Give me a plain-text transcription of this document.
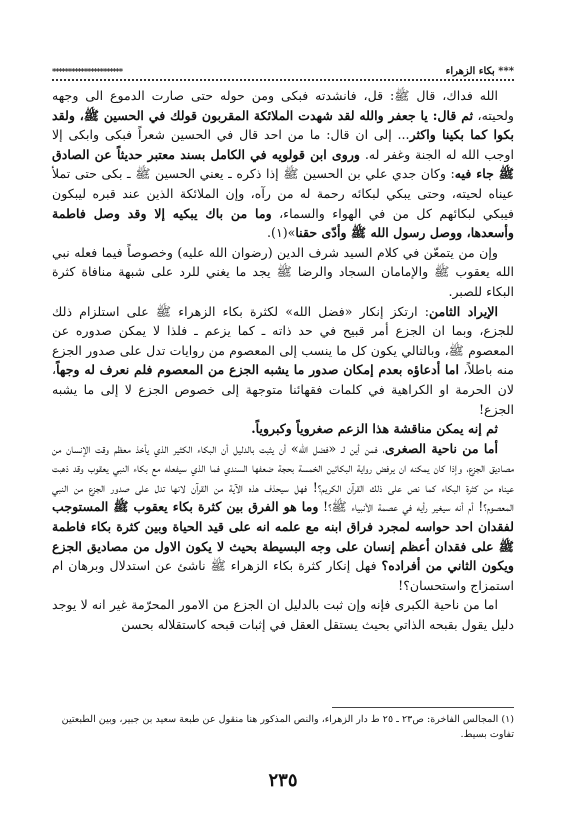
*** بكاء الزهراء
**********************

الله فداك، قال ﷺ: قل، فانشدته فبكى ومن حوله حتى صارت الدموع الى وجهه ولحيته، ثم قال: يا جعفر والله لقد شهدت الملائكة المقربون قولك في الحسين ﷺ، ولقد بكوا كما بكينا واكثر... إلى ان قال: ما من احد قال في الحسين شعراً فبكى وابكى إلا اوجب الله له الجنة وغفر له. وروى ابن قولويه في الكامل بسند معتبر حديثاً عن الصادق ﷺ جاء فيه: وكان جدي علي بن الحسين ﷺ إذا ذكره ـ يعني الحسين ﷺ ـ بكى حتى تملأ عيناه لحيته، وحتى يبكي لبكائه رحمة له من رآه، وإن الملائكة الذين عند قبره ليبكون فيبكي لبكائهم كل من في الهواء والسماء، وما من باك يبكيه إلا وقد وصل فاطمة وأسعدها، ووصل رسول الله ﷺ وأدّى حقنا»(١).

وإن من يتمعّن في كلام السيد شرف الدين (رضوان الله عليه) وخصوصاً فيما فعله نبي الله يعقوب ﷺ والإمامان السجاد والرضا ﷺ يجد ما يغني للرد على شبهة منافاة كثرة البكاء للصبر.

الإيراد الثامن: ارتكز إنكار «فضل الله» لكثرة بكاء الزهراء ﷺ على استلزام ذلك للجزع، وبما ان الجزع أمر قبيح في حد ذاته ـ كما يزعم ـ فلذا لا يمكن صدوره عن المعصوم ﷺ، وبالتالي يكون كل ما ينسب إلى المعصوم من روايات تدل على صدور الجزع منه باطلاً، اما أدعاؤه بعدم إمكان صدور ما يشبه الجزع من المعصوم فلم نعرف له وجهاً، لان الحرمة او الكراهية في كلمات فقهائنا متوجهة إلى خصوص الجزع لا إلى ما يشبه الجزع!

ثم إنه يمكن مناقشة هذا الزعم صغروياً وكبروياً.

أما من ناحية الصغرى، فمن أين لـ «فضل الله» أن يثبت بالدليل أن البكاء الكثير الذي يأخذ معظم وقت الإنسان من مصاديق الجزع، وإذا كان يمكنه ان يرفض رواية البكائين الخمسة بحجة ضعفها السندي فما الذي سيفعله مع بكاء النبي يعقوب وقد ذهبت عيناه من كثرة البكاء كما نص على ذلك القرآن الكريم؟! فهل سيحذف هذه الآية من القرآن لانها تدل على صدور الجزع من النبي المعصوم؟! أم أنه سيغير رأيه في عصمة الأنبياء ﷺ؟! وما هو الفرق بين كثرة بكاء يعقوب ﷺ المستوجب لفقدان احد حواسه لمجرد فراق ابنه مع علمه انه على قيد الحياة وبين كثرة بكاء فاطمة ﷺ على فقدان أعظم إنسان على وجه البسيطة بحيث لا يكون الاول من مصاديق الجزع ويكون الثاني من أفراده؟ فهل إنكار كثرة بكاء الزهراء ﷺ ناشئ عن استدلال وبرهان ام استمزاج واستحسان؟!

اما من ناحية الكبرى فإنه وإن ثبت بالدليل ان الجزع من الامور المحرّمة غير انه لا يوجد دليل يقول بقبحه الذاتي بحيث يستقل العقل في إثبات قبحه كاستقلاله بحسن

(١) المجالس الفاخرة: ص٢٣ ـ ٢٥ ط دار الزهراء، والنص المذكور هنا منقول عن طبعة سعيد بن جبير، وبين الطبعتين
تفاوت بسيط.
٢٣٥
